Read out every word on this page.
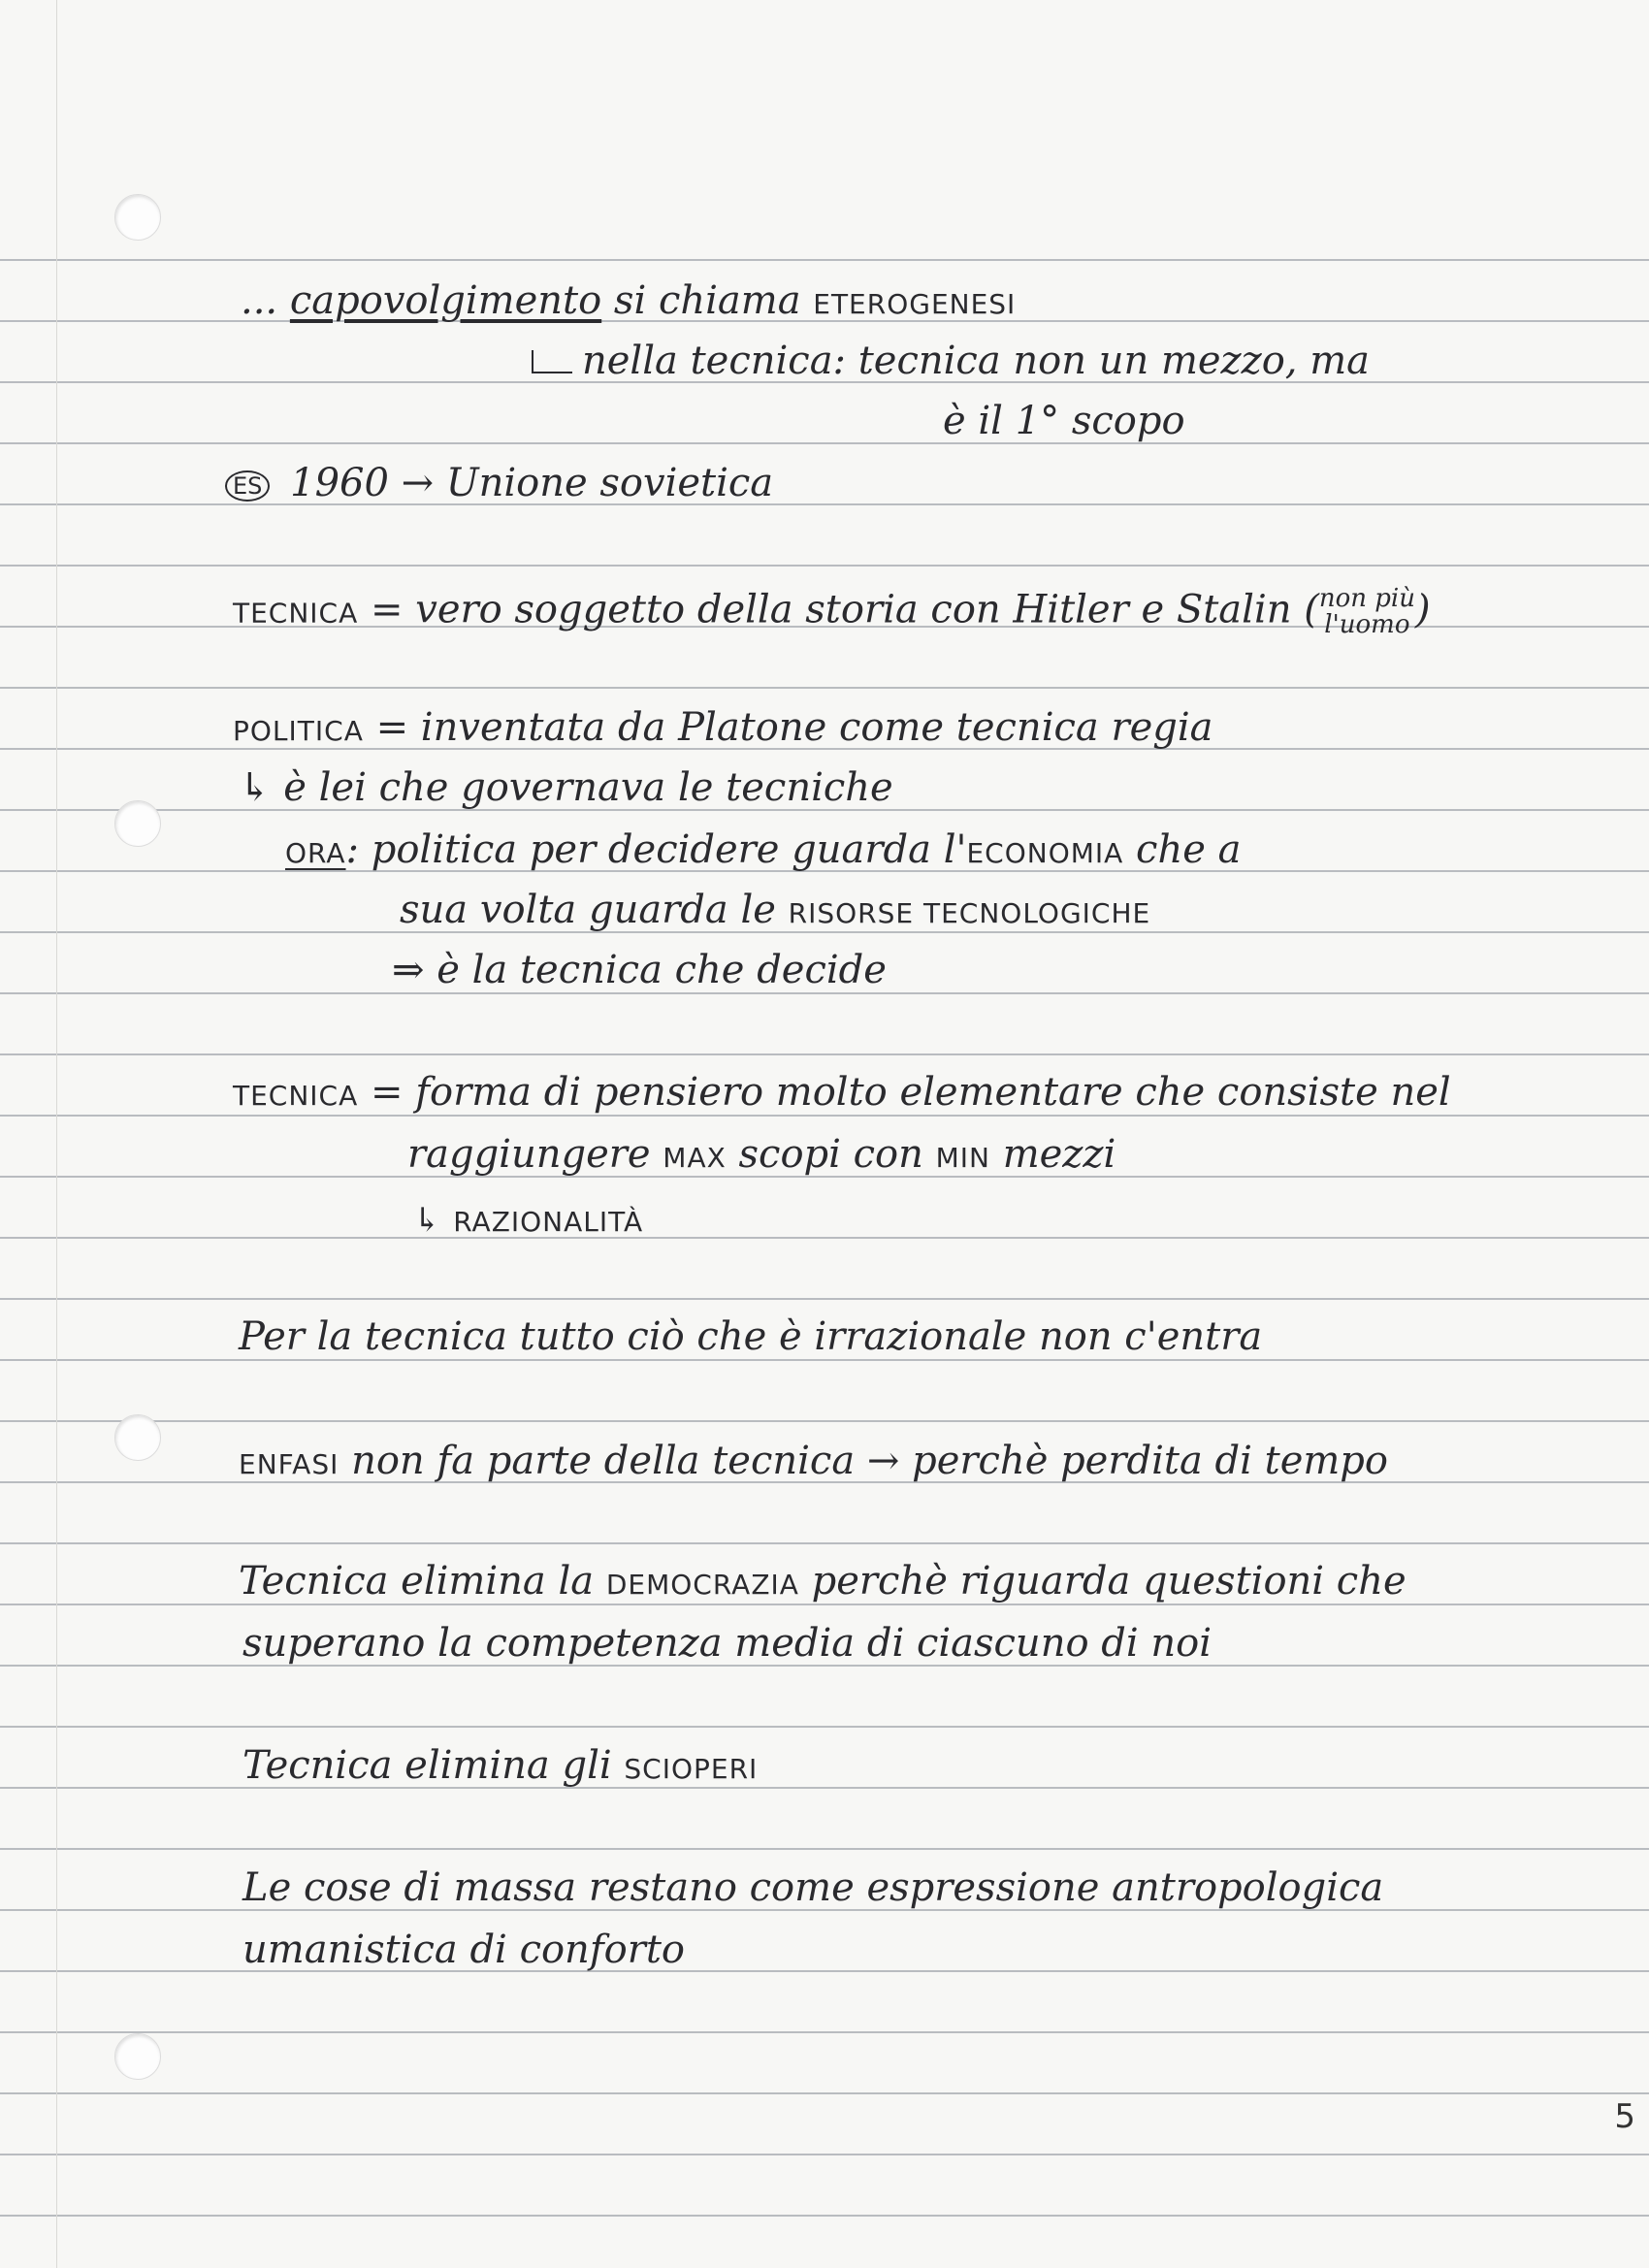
... capovolgimento si chiama ETEROGENESI
nella tecnica: tecnica non un mezzo, ma
è il 1° scopo
ES 1960 → Unione sovietica
TECNICA = vero soggetto della storia con Hitler e Stalin (non più
l'uomo )
POLITICA = inventata da Platone come tecnica regia
↳ è lei che governava le tecniche
ORA: politica per decidere guarda l'ECONOMIA che a
sua volta guarda le RISORSE TECNOLOGICHE
⇒ è la tecnica che decide
TECNICA = forma di pensiero molto elementare che consiste nel
raggiungere MAX scopi con MIN mezzi
↳ RAZIONALITÀ
Per la tecnica tutto ciò che è irrazionale non c'entra
ENFASI non fa parte della tecnica → perchè perdita di tempo
Tecnica elimina la DEMOCRAZIA perchè riguarda questioni che
superano la competenza media di ciascuno di noi
Tecnica elimina gli SCIOPERI
Le cose di massa restano come espressione antropologica
umanistica di conforto
5
